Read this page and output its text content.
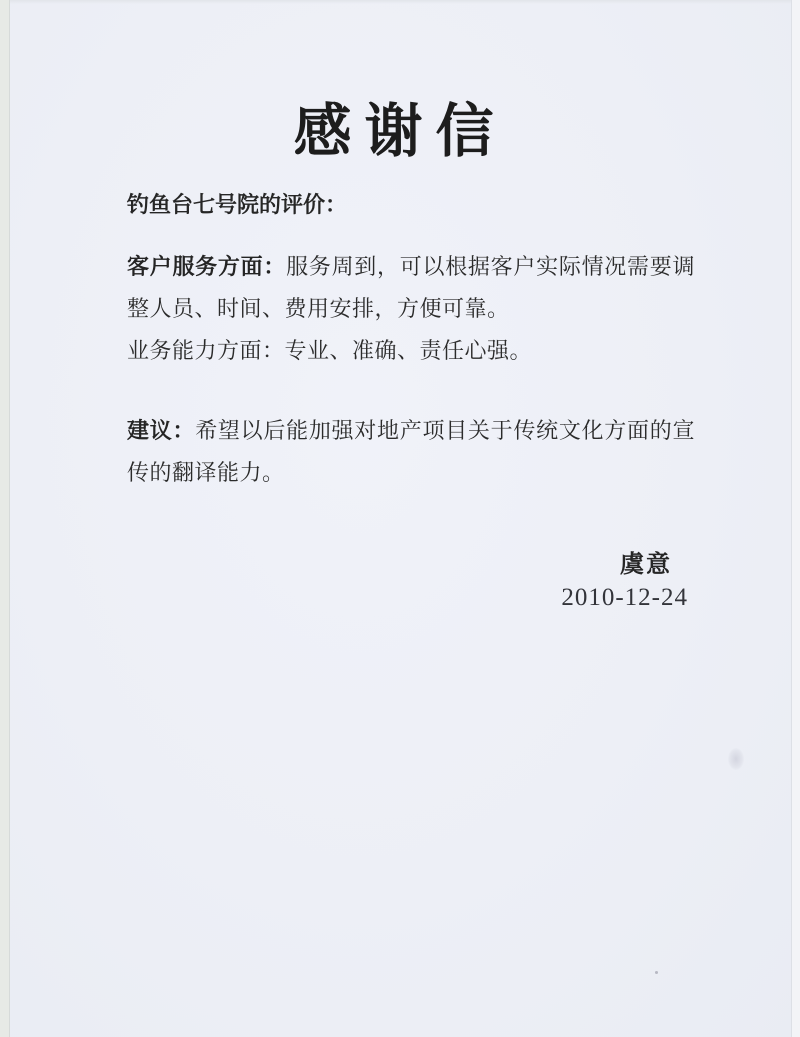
感谢信

钓鱼台七号院的评价：

客户服务方面：服务周到，可以根据客户实际情况需要调整人员、时间、费用安排，方便可靠。
业务能力方面：专业、准确、责任心强。

建议：希望以后能加强对地产项目关于传统文化方面的宣传的翻译能力。

虞意

2010-12-24
